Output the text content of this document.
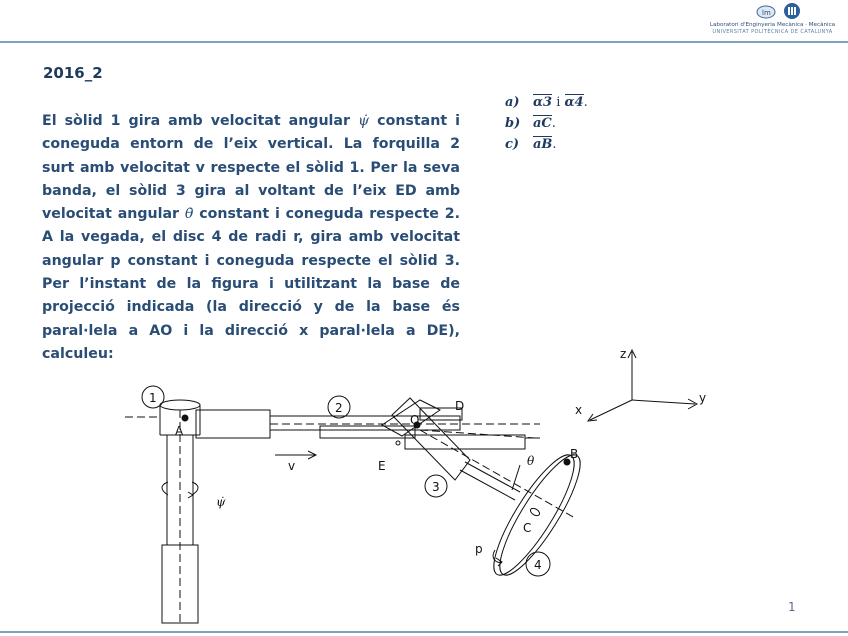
lm
Laboratori d'Enginyeria Mecànica · Mecànica
UNIVERSITAT POLITÈCNICA DE CATALUNYA
2016_2
El sòlid 1 gira amb velocitat angular ψ̇ constant i coneguda entorn de l’eix vertical. La forquilla 2 surt amb velocitat v respecte el sòlid 1. Per la seva banda, el sòlid 3 gira al voltant de l’eix ED amb velocitat angular θ̇ constant i coneguda respecte 2. A la vegada, el disc 4 de radi r, gira amb velocitat angular p constant i coneguda respecte el sòlid 3. Per l’instant de la figura i utilitzant la base de projecció indicada (la direcció y de la base és paral·lela a AO i la direcció x paral·lela a DE), calculeu:
a) α3 i α4.
b) aC.
c) aB.
z
y
x
1
2
3
4
A
O
D
E
B
C
v
p
ψ̇
θ
1
